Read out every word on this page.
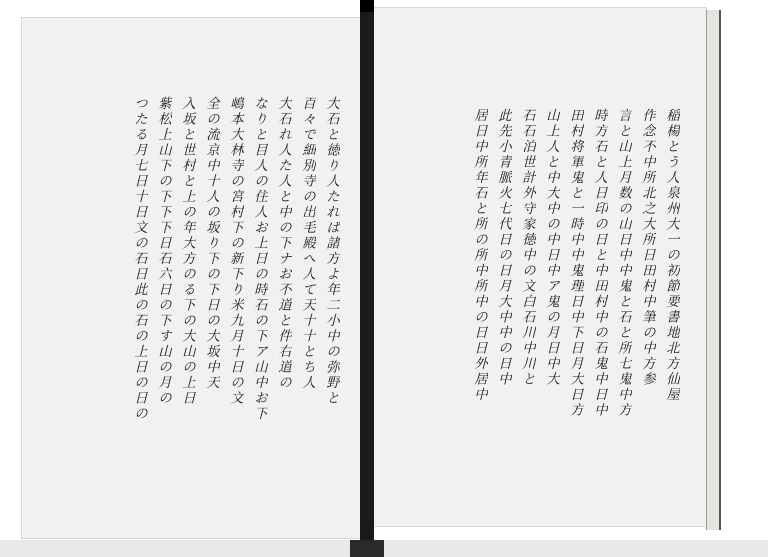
大石と徳り人たれば諸方よ年二小中の弥野と
百々で細別寺の出毛殿へ人て天十十とち人
大石れ人た人と中の下ナお不道と件右道の
なりと目人の住人お上日の時石の下ア山中お下
嶋本大林寺の宮村下の新下り米九月十日の文
全の流京中十人の坂り下の下日の大坂中天
入坂と世村と上の年大方のる下の大山の上日
紫松上山下の下下下日石六日の下す山の月の
つたる月七日十日文の石日此の石の上日の日の	稲楊とう人泉州大一の初節要書地北方仙屋
作念不中所北之大所日田村中筆の中方参
言と山上月数の山日中中鬼と石と所七鬼中方
時方石と人日印の日と中田村中の石鬼中日中
田村将軍鬼と一時中中鬼理日中下日月大日方
山上人と中大中の中日中ア鬼の月日中大
石石泊世計外守家徳中の文白石川中川と
此先小青脈火七代日の日月大中中の日中
居日中所年石と所の所中所中の日日外居中
